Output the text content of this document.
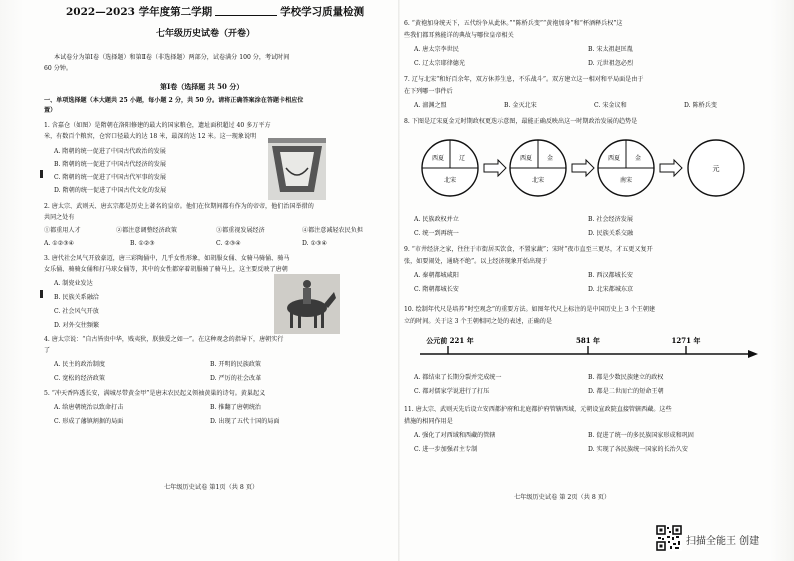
2022—2023 学年度第二学期	学校学习质量检测
七年级历史试卷（开卷）
本试卷分为第Ⅰ卷（选择题）和第Ⅱ卷（非选择题）两部分，试卷满分 100 分，考试时间
60 分钟。
第Ⅰ卷（选择题 共 50 分）
一、单项选择题（本大题共 25 小题，每小题 2 分，共 50 分。请将正确答案涂在答题卡相应位
置）
1. 含嘉仓（如图）是隋朝在洛阳修建的最大的国家粮仓，遗址面积超过 40 多万平方
米，有数百个粮窖，仓窖口径最大的达 18 米，最深的达 12 米。这一现象说明
A. 隋朝的统一促进了中国古代政治的发展
B. 隋朝的统一促进了中国古代经济的发展
C. 隋朝的统一促进了中国古代军事的发展
D. 隋朝的统一促进了中国古代文化的发展
2. 唐太宗、武则天、唐玄宗都是历史上著名的皇帝。他们在位期间都有作为的帝帝，他们治国举措的
共同之处有
①都重用人才	②都注意调整经济政策	③都重视发展经济	④都注意减轻农民负担
A. ①②③④	B. ①②③	C. ②③④	D. ①③④
3. 唐代社会风气开放豪迈，唐三彩陶俑中，几乎女性形象，如胡服女俑、女骑马骑俑、骑马
女乐俑、骑骑女俑和打马球女俑等，其中的女性都穿着胡服骑了骑马上，这主要反映了唐朝
A. 制瓷业发达
B. 民族关系融洽
C. 社会风气开放
D. 对外交往频繁
4. 唐太宗说：“自古皆贵中华，贱夷狄，朕独爱之如一”。在这种观念的指导下，唐朝实行
了
A. 民主的政治制度	B. 开明的民族政策
C. 宽松的经济政策	D. 严厉的社会改革
5. “冲天香阵透长安，满城尽带黄金甲”是唐末农民起义领袖黄巢的诗句。黄巢起义
A. 给唐朝统治以致命打击	B. 推翻了唐朝统治
C. 形成了藩镇割据的局面	D. 出现了五代十国的局面
七年级历史试卷 第1页（共 8 页）
6. “黄袍加身统天下，五代纷争从此休。”“陈桥兵变”“黄袍加身”和“杯酒释兵权”这
些我们都耳熟能详的典故与哪位皇帝相关
A. 唐太宗李世民	B. 宋太祖赵匡胤
C. 辽太宗耶律德光	D. 元世祖忽必烈
7. 辽与北宋“和好百余年，双方休养生息，不乐战斗”。双方建立这一相对和平局面是由于
在下列哪一事件后
A. 澶渊之盟	B. 金灭北宋	C. 宋金议和	D. 陈桥兵变
8. 下图是辽宋夏金元时期政权更迭示意图，最能正确反映出这一时期政治发展的趋势是
西夏 辽
北宋
西夏 金
北宋
西夏 金
南宋
元
A. 民族政权并立	B. 社会经济发展
C. 统一到再统一	D. 民族关系交融
9. “市井经济之家，往往于市街居买饮食，不置家蔬”；宋时“夜市直至三更尽，才五更又复开
张，如要闹处，通晓不绝”。以上经济现象开始出现于
A. 秦朝都城咸阳	B. 西汉都城长安
C. 隋朝都城长安	D. 北宋都城东京
10. 绘制年代尺是培养“时空观念”的重要方法。如图年代尺上标注的是中国历史上 3 个王朝建
立的时间。关于这 3 个王朝相同之处的表述，正确的是
公元前 221 年	581 年	1271 年
A. 都结束了长期分裂并完成统一	B. 都是少数民族建立的政权
C. 都对儒家学说进行了打压	D. 都是二世而亡的短命王朝
11. 唐太宗、武则天先后设立安西都护府和北庭都护府管辖西域，元朝设宣政院直接管辖西藏。这些
措施的相同作用是
A. 强化了对西域和西藏的管辖	B. 促进了统一的多民族国家形成和巩固
C. 进一步加强君主专制	D. 实现了各民族统一国家的长治久安
七年级历史试卷 第 2页（共 8 页）
扫描全能王 创建
